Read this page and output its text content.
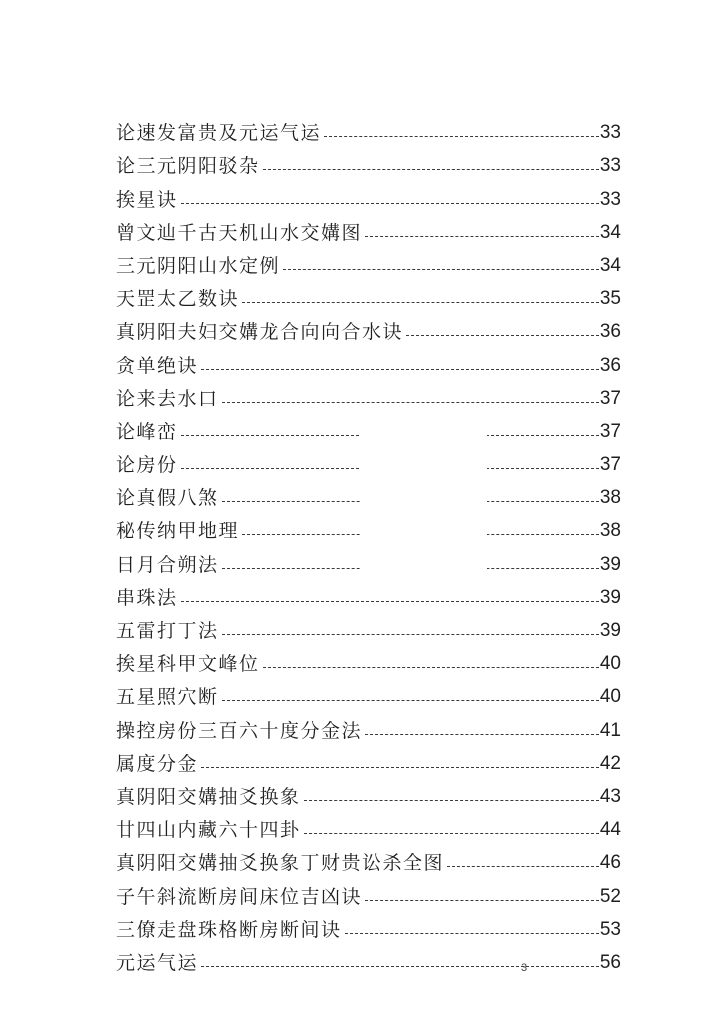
论速发富贵及元运气运	33
论三元阴阳驳杂	33
挨星诀	33
曾文辿千古天机山水交媾图	34
三元阴阳山水定例	34
天罡太乙数诀	35
真阴阳夫妇交媾龙合向向合水诀	36
贪单绝诀	36
论来去水口	37
论峰峦	37
论房份	37
论真假八煞	38
秘传纳甲地理	38
日月合朔法	39
串珠法	39
五雷打丁法	39
挨星科甲文峰位	40
五星照穴断	40
操控房份三百六十度分金法	41
属度分金	42
真阴阳交媾抽爻换象	43
廿四山内藏六十四卦	44
真阴阳交媾抽爻换象丁财贵讼杀全图	46
子午斜流断房间床位吉凶诀	52
三僚走盘珠格断房断间诀	53
元运气运	56
3
